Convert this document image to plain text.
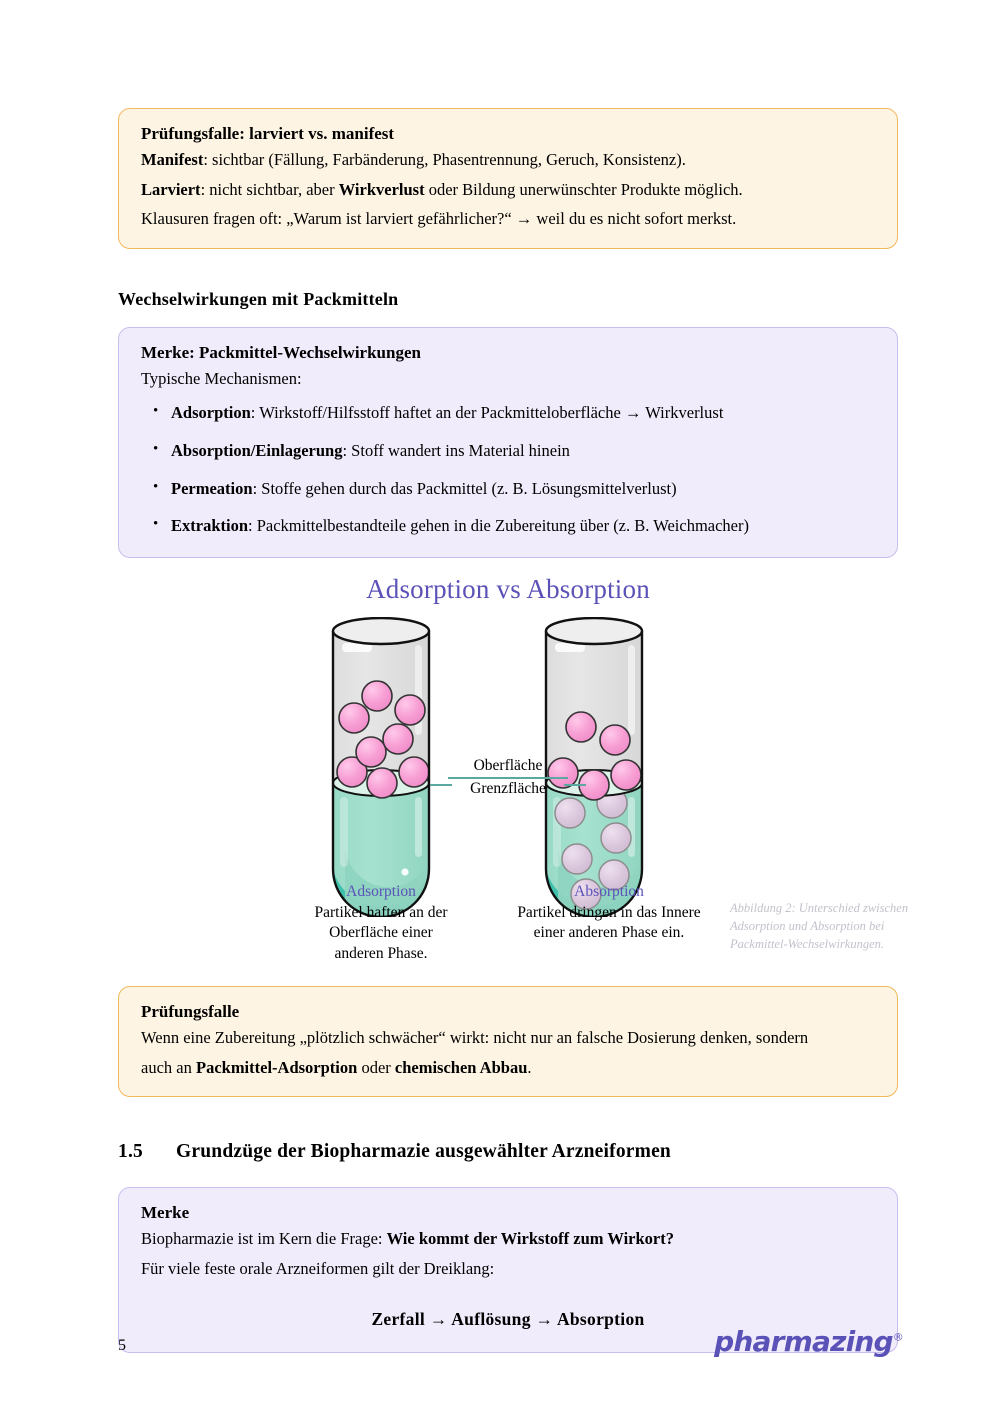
Prüfungsfalle: larviert vs. manifest

Manifest: sichtbar (Fällung, Farbänderung, Phasentrennung, Geruch, Konsistenz).

Larviert: nicht sichtbar, aber Wirkverlust oder Bildung unerwünschter Produkte möglich.

Klausuren fragen oft: „Warum ist larviert gefährlicher?“ → weil du es nicht sofort merkst.

Wechselwirkungen mit Packmitteln

Merke: Packmittel-Wechselwirkungen

Typische Mechanismen:

• Adsorption: Wirkstoff/Hilfsstoff haftet an der Packmitteloberfläche → Wirkverlust
• Absorption/Einlagerung: Stoff wandert ins Material hinein
• Permeation: Stoffe gehen durch das Packmittel (z. B. Lösungsmittelverlust)
• Extraktion: Packmittelbestandteile gehen in die Zubereitung über (z. B. Weichmacher)
Adsorption vs Absorption
Oberfläche
Grenzfläche
Adsorption
Partikel haften an der
Oberfläche einer
anderen Phase.
Absorption
Partikel dringen in das Innere
einer anderen Phase ein.
Abbildung 2: Unterschied zwischen
Adsorption und Absorption bei
Packmittel-Wechselwirkungen.

Prüfungsfalle

Wenn eine Zubereitung „plötzlich schwächer“ wirkt: nicht nur an falsche Dosierung denken, sondern

auch an Packmittel-Adsorption oder chemischen Abbau.

1.5	Grundzüge der Biopharmazie ausgewählter Arzneiformen

Merke

Biopharmazie ist im Kern die Frage: Wie kommt der Wirkstoff zum Wirkort?

Für viele feste orale Arzneiformen gilt der Dreiklang:

Zerfall → Auflösung → Absorption

5	pharmazing®
